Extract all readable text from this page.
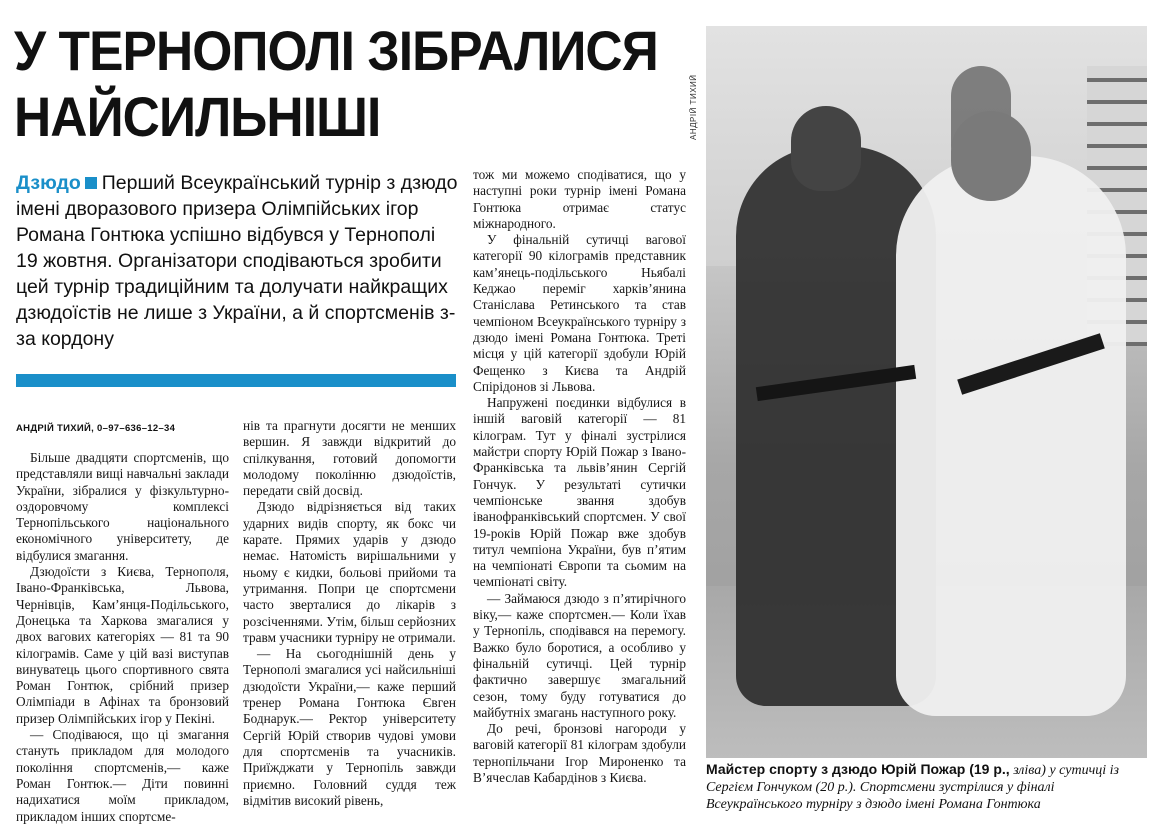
У ТЕРНОПОЛІ ЗІБРАЛИСЯ
НАЙСИЛЬНІШІ	АНДРІЙ ТИХИЙ
Дзюдо Перший Всеукраїнський турнір з дзюдо імені дворазового призера Олімпійських ігор Романа Гонтюка успішно відбувся у Тернополі 19 жовтня. Організатори сподіваються зробити цей турнір традиційним та долучати найкращих дзюдоїстів не лише з України, а й спортсменів з-за кордону
АНДРІЙ ТИХИЙ, 0–97–636–12–34

Більше двадцяти спортсменів, що представляли вищі навчальні заклади України, зібралися у фізкультурно-оздоровчому комплексі Тернопільського національного економічного університету, де відбулися змагання.

Дзюдоїсти з Києва, Тернополя, Івано-Франківська, Львова, Чернівців, Кам’янця-Подільського, Донецька та Харкова змагалися у двох вагових категоріях — 81 та 90 кілограмів. Саме у цій вазі виступав винуватець цього спортивного свята Роман Гонтюк, срібний призер Олімпіади в Афінах та бронзовий призер Олімпійських ігор у Пекіні.

— Сподіваюся, що ці змагання стануть прикладом для молодого покоління спортсменів,— каже Роман Гонтюк.— Діти повинні надихатися моїм прикладом, прикладом інших спортсме-

нів та прагнути досягти не менших вершин. Я завжди відкритий до спілкування, готовий допомогти молодому поколінню дзюдоїстів, передати свій досвід.

Дзюдо відрізняється від таких ударних видів спорту, як бокс чи карате. Прямих ударів у дзюдо немає. Натомість вирішальними у ньому є кидки, больові прийоми та утримання. Попри це спортсмени часто зверталися до лікарів з розсіченнями. Утім, більш серйозних травм учасники турніру не отримали.

— На сьогоднішній день у Тернополі змагалися усі найсильніші дзюдоїсти України,— каже перший тренер Романа Гонтюка Євген Боднарук.— Ректор університету Сергій Юрій створив чудові умови для спортсменів та учасників. Приїжджати у Тернопіль завжди приємно. Головний суддя теж відмітив високий рівень,

тож ми можемо сподіватися, що у наступні роки турнір імені Романа Гонтюка отримає статус міжнародного.

У фінальній сутичці вагової категорії 90 кілограмів представник кам’янець-подільського Ньябалі Кеджао переміг харків’янина Станіслава Ретинського та став чемпіоном Всеукраїнського турніру з дзюдо імені Романа Гонтюка. Треті місця у цій категорії здобули Юрій Фещенко з Києва та Андрій Спірідонов зі Львова.

Напружені поєдинки відбулися в іншій ваговій категорії — 81 кілограм. Тут у фіналі зустрілися майстри спорту Юрій Пожар з Івано-Франківська та львів’янин Сергій Гончук. У результаті сутички чемпіонське звання здобув іванофранківський спортсмен. У свої 19-років Юрій Пожар вже здобув титул чемпіона України, був п’ятим на чемпіонаті Європи та сьомим на чемпіонаті світу.

— Займаюся дзюдо з п’ятирічного віку,— каже спортсмен.— Коли їхав у Тернопіль, сподівався на перемогу. Важко було боротися, а особливо у фінальній сутичці. Цей турнір фактично завершує змагальний сезон, тому буду готуватися до майбутніх змагань наступного року.

До речі, бронзові нагороди у ваговій категорії 81 кілограм здобули тернопільчани Ігор Мироненко та В’ячеслав Кабардінов з Києва.

Майстер спорту з дзюдо Юрій Пожар (19 р., зліва) у сутичці із Сергієм Гончуком (20 р.). Спортсмени зустрілися у фіналі Всеукраїнського турніру з дзюдо імені Романа Гонтюка
